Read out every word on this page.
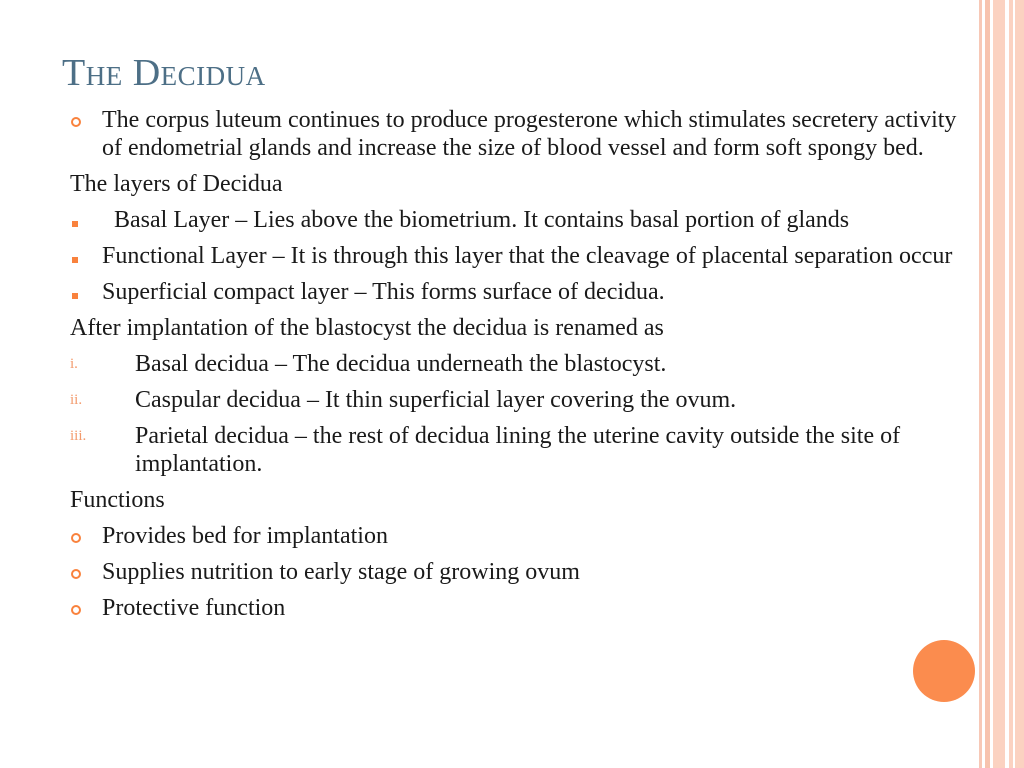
The Decidua
The corpus luteum continues to produce progesterone which stimulates secretery activity of endometrial glands and increase the size of blood vessel and form soft spongy bed.
The layers of Decidua
Basal Layer – Lies above the biometrium. It contains basal portion of glands
Functional Layer – It is through this layer that the cleavage of placental separation occur
Superficial compact layer – This forms surface of decidua.
After implantation of the blastocyst the decidua is renamed as
i. Basal decidua – The decidua underneath the blastocyst.
ii. Caspular decidua – It thin superficial layer covering the ovum.
iii. Parietal decidua – the rest of decidua lining the uterine cavity outside the site of implantation.
Functions
Provides bed for implantation
Supplies nutrition to early stage of growing ovum
Protective function
